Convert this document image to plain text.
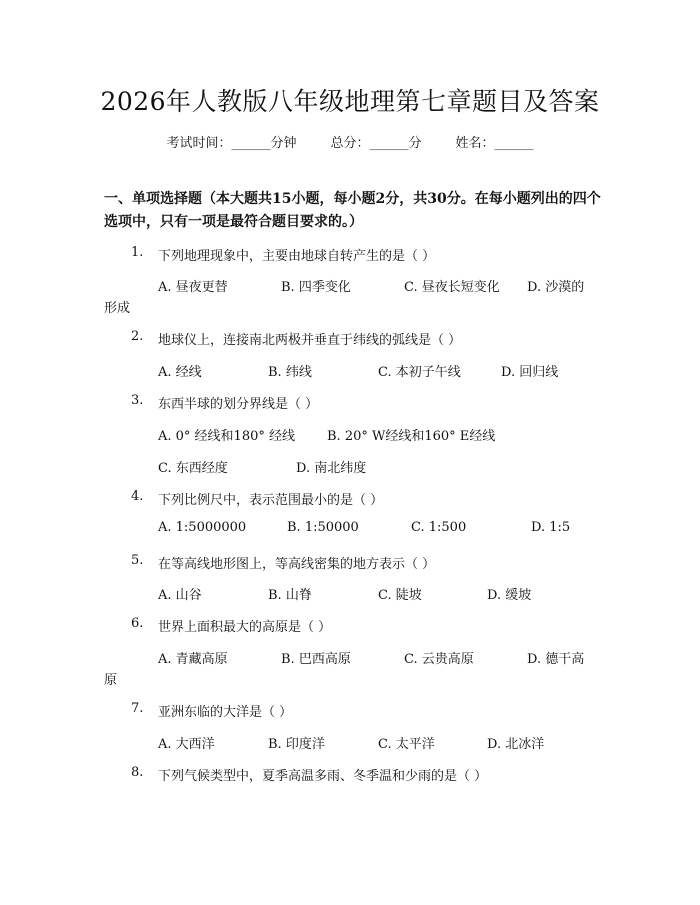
2026年人教版八年级地理第七章题目及答案
考试时间：______分钟	总分：______分	姓名：______
一、单项选择题（本大题共15小题，每小题2分，共30分。在每小题列出的四个选项中，只有一项是最符合题目要求的。）
1. 下列地理现象中，主要由地球自转产生的是（ ）
A. 昼夜更替	B. 四季变化	C. 昼夜长短变化 D. 沙漠的
形成
2. 地球仪上，连接南北两极并垂直于纬线的弧线是（ ）
A. 经线	B. 纬线	C. 本初子午线	D. 回归线
3. 东西半球的划分界线是（ ）
A. 0° 经线和180° 经线 B. 20° W经线和160° E经线
C. 东西经度	D. 南北纬度
4. 下列比例尺中，表示范围最小的是（ ）
A. 1:5000000	B. 1:50000	C. 1:500	D. 1:5
5. 在等高线地形图上，等高线密集的地方表示（ ）
A. 山谷	B. 山脊	C. 陡坡	D. 缓坡
6. 世界上面积最大的高原是（ ）
A. 青藏高原	B. 巴西高原	C. 云贵高原	D. 德干高
原
7. 亚洲东临的大洋是（ ）
A. 大西洋	B. 印度洋	C. 太平洋	D. 北冰洋
8. 下列气候类型中，夏季高温多雨、冬季温和少雨的是（ ）
